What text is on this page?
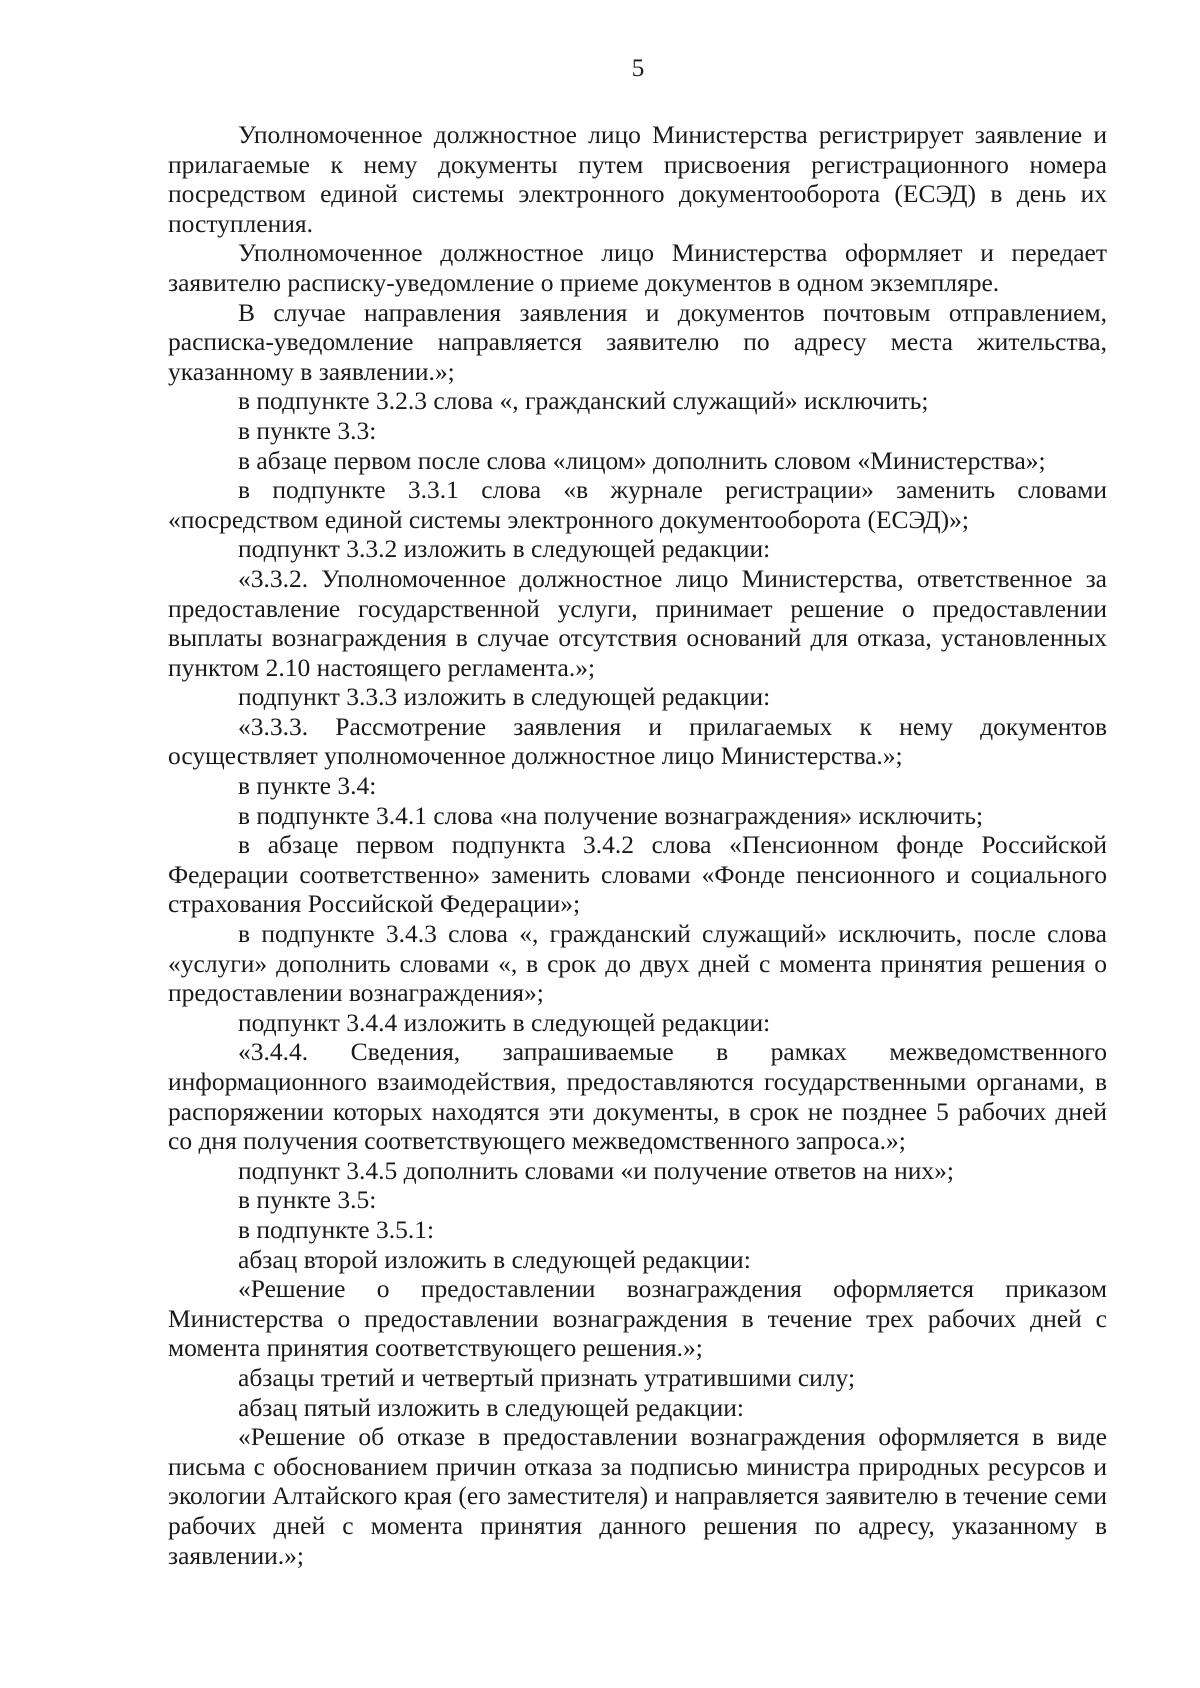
5

Уполномоченное должностное лицо Министерства регистрирует заявление и прилагаемые к нему документы путем присвоения регистрационного номера посредством единой системы электронного документооборота (ЕСЭД) в день их поступления.

Уполномоченное должностное лицо Министерства оформляет и передает заявителю расписку-уведомление о приеме документов в одном экземпляре.

В случае направления заявления и документов почтовым отправлением, расписка-уведомление направляется заявителю по адресу места жительства, указанному в заявлении.»;

в подпункте 3.2.3 слова «, гражданский служащий» исключить;

в пункте 3.3:

в абзаце первом после слова «лицом» дополнить словом «Министерства»;

в подпункте 3.3.1 слова «в журнале регистрации» заменить словами «посредством единой системы электронного документооборота (ЕСЭД)»;

подпункт 3.3.2 изложить в следующей редакции:

«3.3.2. Уполномоченное должностное лицо Министерства, ответственное за предоставление государственной услуги, принимает решение о предоставлении выплаты вознаграждения в случае отсутствия оснований для отказа, установленных пунктом 2.10 настоящего регламента.»;

подпункт 3.3.3 изложить в следующей редакции:

«3.3.3. Рассмотрение заявления и прилагаемых к нему документов осуществляет уполномоченное должностное лицо Министерства.»;

в пункте 3.4:

в подпункте 3.4.1 слова «на получение вознаграждения» исключить;

в абзаце первом подпункта 3.4.2 слова «Пенсионном фонде Российской Федерации соответственно» заменить словами «Фонде пенсионного и социального страхования Российской Федерации»;

в подпункте 3.4.3 слова «, гражданский служащий» исключить, после слова «услуги» дополнить словами «, в срок до двух дней с момента принятия решения о предоставлении вознаграждения»;

подпункт 3.4.4 изложить в следующей редакции:

«3.4.4. Сведения, запрашиваемые в рамках межведомственного информационного взаимодействия, предоставляются государственными органами, в распоряжении которых находятся эти документы, в срок не позднее 5 рабочих дней со дня получения соответствующего межведомственного запроса.»;

подпункт 3.4.5 дополнить словами «и получение ответов на них»;

в пункте 3.5:

в подпункте 3.5.1:

абзац второй изложить в следующей редакции:

«Решение о предоставлении вознаграждения оформляется приказом Министерства о предоставлении вознаграждения в течение трех рабочих дней с момента принятия соответствующего решения.»;

абзацы третий и четвертый признать утратившими силу;

абзац пятый изложить в следующей редакции:

«Решение об отказе в предоставлении вознаграждения оформляется в виде письма с обоснованием причин отказа за подписью министра природных ресурсов и экологии Алтайского края (его заместителя) и направляется заявителю в течение семи рабочих дней с момента принятия данного решения по адресу, указанному в заявлении.»;
